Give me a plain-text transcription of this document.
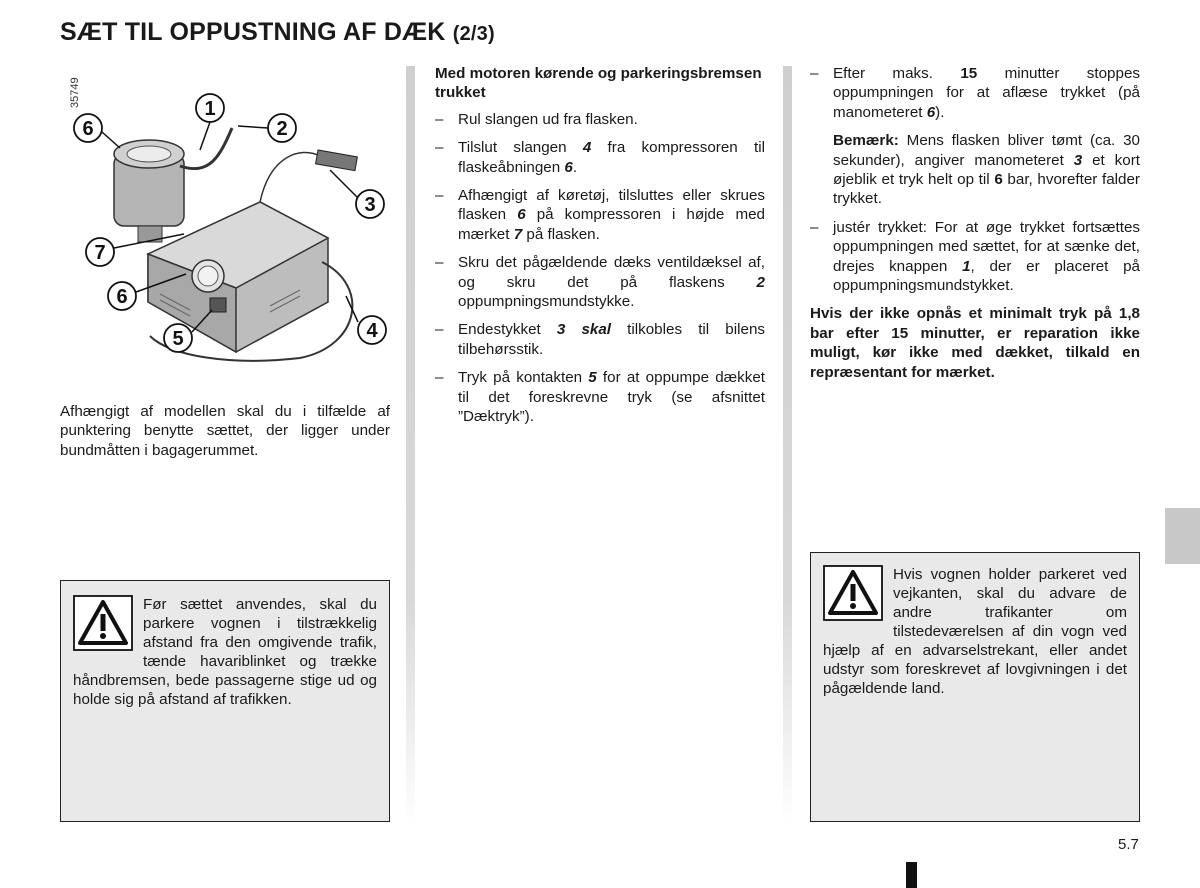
SÆT TIL OPPUSTNING AF DÆK (2/3)
35749
1
2
3
4
5
6
6
7
Afhængigt af modellen skal du i tilfælde af punktering benytte sættet, der ligger under bundmåtten i bagagerummet.
Før sættet anvendes, skal du parkere vognen i tilstrækkelig afstand fra den omgivende trafik, tænde havariblinket og trække håndbremsen, bede passagerne stige ud og holde sig på afstand af trafikken.

Med motoren kørende og parkeringsbremsen trukket

– Rul slangen ud fra flasken.
– Tilslut slangen 4 fra kompressoren til flaskeåbningen 6.
– Afhængigt af køretøj, tilsluttes eller skrues flasken 6 på kompressoren i højde med mærket 7 på flasken.
– Skru det pågældende dæks ventildæksel af, og skru det på flaskens 2 oppumpningsmundstykke.
– Endestykket 3 skal tilkobles til bilens tilbehørsstik.
– Tryk på kontakten 5 for at oppumpe dækket til det foreskrevne tryk (se afsnittet ”Dæktryk”).
– Efter maks. 15 minutter stoppes oppumpningen for at aflæse trykket (på manometeret 6).
Bemærk: Mens flasken bliver tømt (ca. 30 sekunder), angiver manometeret 3 et kort øjeblik et tryk helt op til 6 bar, hvorefter falder trykket.
– justér trykket: For at øge trykket fortsættes oppumpningen med sættet, for at sænke det, drejes knappen 1, der er placeret på oppumpningsmundstykket.

Hvis der ikke opnås et minimalt tryk på 1,8 bar efter 15 minutter, er reparation ikke muligt, kør ikke med dækket, tilkald en repræsentant for mærket.

Hvis vognen holder parkeret ved vejkanten, skal du advare de andre trafikanter om tilstedeværelsen af din vogn ved hjælp af en advarselstrekant, eller andet udstyr som foreskrevet af lovgivningen i det pågældende land.
5.7
